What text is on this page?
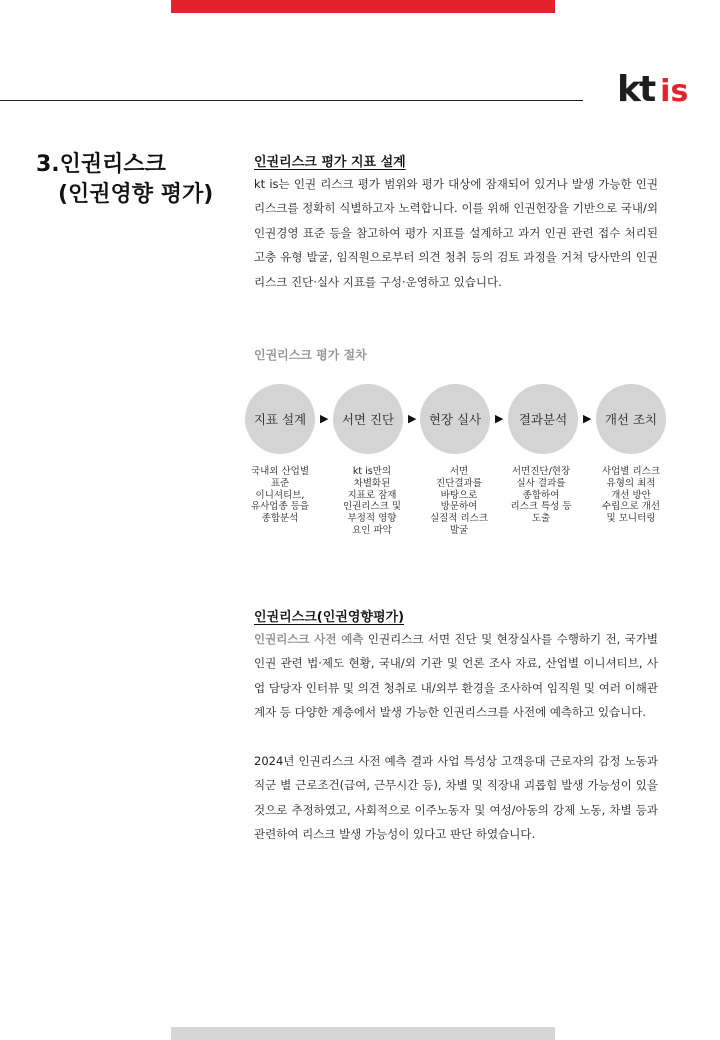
kt is
3.인권리스크
(인권영향 평가)
인권리스크 평가 지표 설계

kt is는 인권 리스크 평가 범위와 평가 대상에 잠재되어 있거나 발생 가능한 인권 리스크를 정확히 식별하고자 노력합니다. 이를 위해 인권헌장을 기반으로 국내/외 인권경영 표준 등을 참고하여 평가 지표를 설계하고 과거 인권 관련 접수 처리된 고충 유형 발굴, 임직원으로부터 의견 청취 등의 검토 과정을 거쳐 당사만의 인권 리스크 진단·실사 지표를 구성·운영하고 있습니다.

인권리스크 평가 절차
지표 설계	▶	서면 진단	▶ 현장 실사	▶	결과분석	▶	개선 조치
국내외 산업별
표준
이니셔티브,
유사업종 등을
종합분석
kt is만의
차별화된
지표로 잠재
인권리스크 및
부정적 영향
요인 파악
서면
진단결과를
바탕으로
방문하여
실질적 리스크
발굴
서면진단/현장
실사 결과를
종합하여
리스크 특성 등
도출
사업별 리스크
유형의 최적
개선 방안
수립으로 개선
및 모니터링
인권리스크(인권영향평가)

인권리스크 사전 예측 인권리스크 서면 진단 및 현장실사를 수행하기 전, 국가별 인권 관련 법·제도 현황, 국내/외 기관 및 언론 조사 자료, 산업별 이니셔티브, 사업 담당자 인터뷰 및 의견 청취로 내/외부 환경을 조사하여 임직원 및 여러 이해관계자 등 다양한 계층에서 발생 가능한 인권리스크를 사전에 예측하고 있습니다.

2024년 인권리스크 사전 예측 결과 사업 특성상 고객응대 근로자의 감정 노동과 직군 별 근로조건(급여, 근무시간 등), 차별 및 직장내 괴롭힘 발생 가능성이 있을 것으로 추정하였고, 사회적으로 이주노동자 및 여성/아동의 강제 노동, 차별 등과 관련하여 리스크 발생 가능성이 있다고 판단 하였습니다.
